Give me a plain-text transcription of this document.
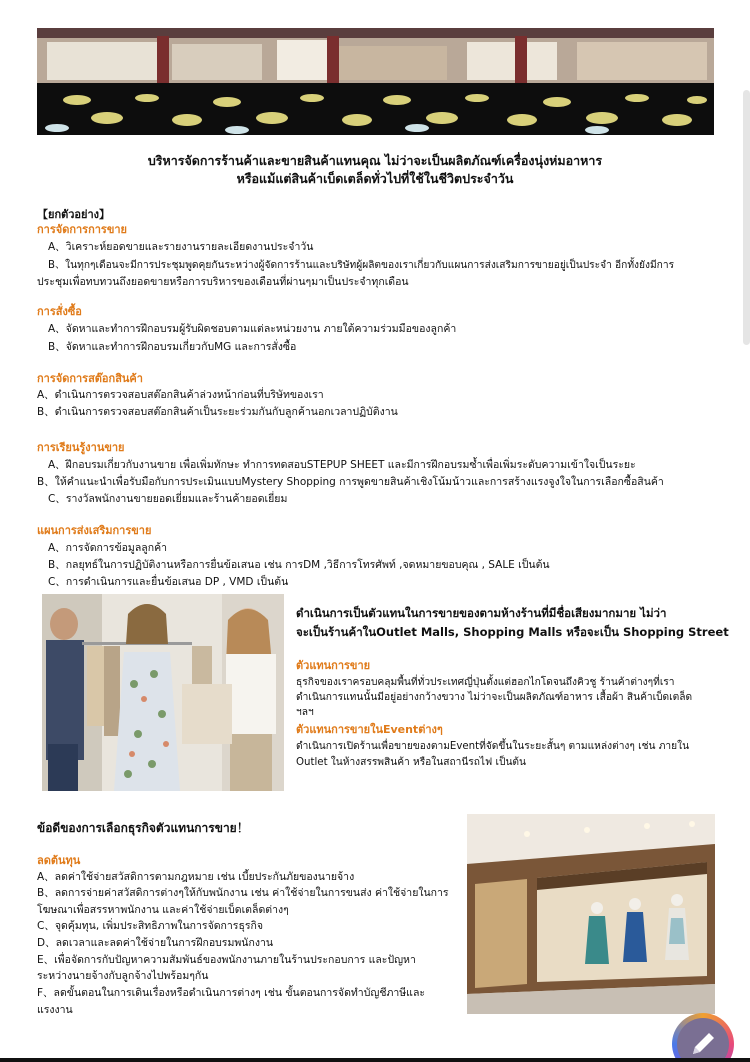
บริหารจัดการร้านค้าและขายสินค้าแทนคุณ ไม่ว่าจะเป็นผลิตภัณฑ์เครื่องนุ่งห่มอาหาร
หรือแม้แต่สินค้าเบ็ดเตล็ดทั่วไปที่ใช้ในชีวิตประจำวัน
【ยกตัวอย่าง】
การจัดการการขาย
A、วิเคราะห์ยอดขายและรายงานรายละเอียดงานประจำวัน
B、ในทุกๆเดือนจะมีการประชุมพูดคุยกันระหว่างผู้จัดการร้านและบริษัทผู้ผลิตของเราเกี่ยวกับแผนการส่งเสริมการขายอยู่เป็นประจำ อีกทั้งยังมีการ
ประชุมเพื่อทบทวนถึงยอดขายหรือการบริหารของเดือนที่ผ่านๆมาเป็นประจำทุกเดือน
การสั่งซื้อ
A、จัดหาและทำการฝึกอบรมผู้รับผิดชอบตามแต่ละหน่วยงาน ภายใต้ความร่วมมือของลูกค้า
B、จัดหาและทำการฝึกอบรมเกี่ยวกับMG และการสั่งซื้อ
การจัดการสต๊อกสินค้า
A、ดำเนินการตรวจสอบสต๊อกสินค้าล่วงหน้าก่อนที่บริษัทของเรา
B、ดำเนินการตรวจสอบสต๊อกสินค้าเป็นระยะร่วมกันกับลูกค้านอกเวลาปฏิบัติงาน
การเรียนรู้งานขาย
A、ฝึกอบรมเกี่ยวกับงานขาย เพื่อเพิ่มทักษะ ทำการทดสอบSTEPUP SHEET และมีการฝึกอบรมซ้ำเพื่อเพิ่มระดับความเข้าใจเป็นระยะ
B、ให้คำแนะนำเพื่อรับมือกับการประเมินแบบMystery Shopping การพูดขายสินค้าเชิงโน้มน้าวและการสร้างแรงจูงใจในการเลือกซื้อสินค้า
C、รางวัลพนักงานขายยอดเยี่ยมและร้านค้ายอดเยี่ยม
แผนการส่งเสริมการขาย
A、การจัดการข้อมูลลูกค้า
B、กลยุทธ์ในการปฏิบัติงานหรือการยื่นข้อเสนอ เช่น การDM ,วิธีการโทรศัพท์ ,จดหมายขอบคุณ , SALE เป็นต้น
C、การดำเนินการและยื่นข้อเสนอ DP , VMD เป็นต้น
ดำเนินการเป็นตัวแทนในการขายของตามห้างร้านที่มีชื่อเสียงมากมาย ไม่ว่า
จะเป็นร้านค้าในOutlet Malls, Shopping Malls หรือจะเป็น Shopping Street
ตัวแทนการขาย
ธุรกิจของเราครอบคลุมพื้นที่ทั่วประเทศญี่ปุ่นตั้งแต่ฮอกไกโดจนถึงคิวชู ร้านค้าต่างๆที่เรา
ดำเนินการแทนนั้นมีอยู่อย่างกว้างขวาง ไม่ว่าจะเป็นผลิตภัณฑ์อาหาร เสื้อผ้า สินค้าเบ็ดเตล็ด
ฯลฯ
ตัวแทนการขายในEventต่างๆ
ดำเนินการเปิดร้านเพื่อขายของตามEventที่จัดขึ้นในระยะสั้นๆ ตามแหล่งต่างๆ เช่น ภายใน
Outlet ในห้างสรรพสินค้า หรือในสถานีรถไฟ เป็นต้น
ข้อดีของการเลือกธุรกิจตัวแทนการขาย！
ลดต้นทุน
A、ลดค่าใช้จ่ายสวัสดิการตามกฎหมาย เช่น เบี้ยประกันภัยของนายจ้าง
B、ลดการจ่ายค่าสวัสดิการต่างๆให้กับพนักงาน เช่น ค่าใช้จ่ายในการขนส่ง ค่าใช้จ่ายในการ
โฆษณาเพื่อสรรหาพนักงาน และค่าใช้จ่ายเบ็ดเตล็ดต่างๆ
C、จุดคุ้มทุน, เพิ่มประสิทธิภาพในการจัดการธุรกิจ
D、ลดเวลาและลดค่าใช้จ่ายในการฝึกอบรมพนักงาน
E、เพื่อจัดการกับปัญหาความสัมพันธ์ของพนักงานภายในร้านประกอบการ และปัญหา
ระหว่างนายจ้างกับลูกจ้างไปพร้อมๆกัน
F、ลดขั้นตอนในการเดินเรื่องหรือดำเนินการต่างๆ เช่น ขั้นตอนการจัดทำบัญชีภาษีและ
แรงงาน
